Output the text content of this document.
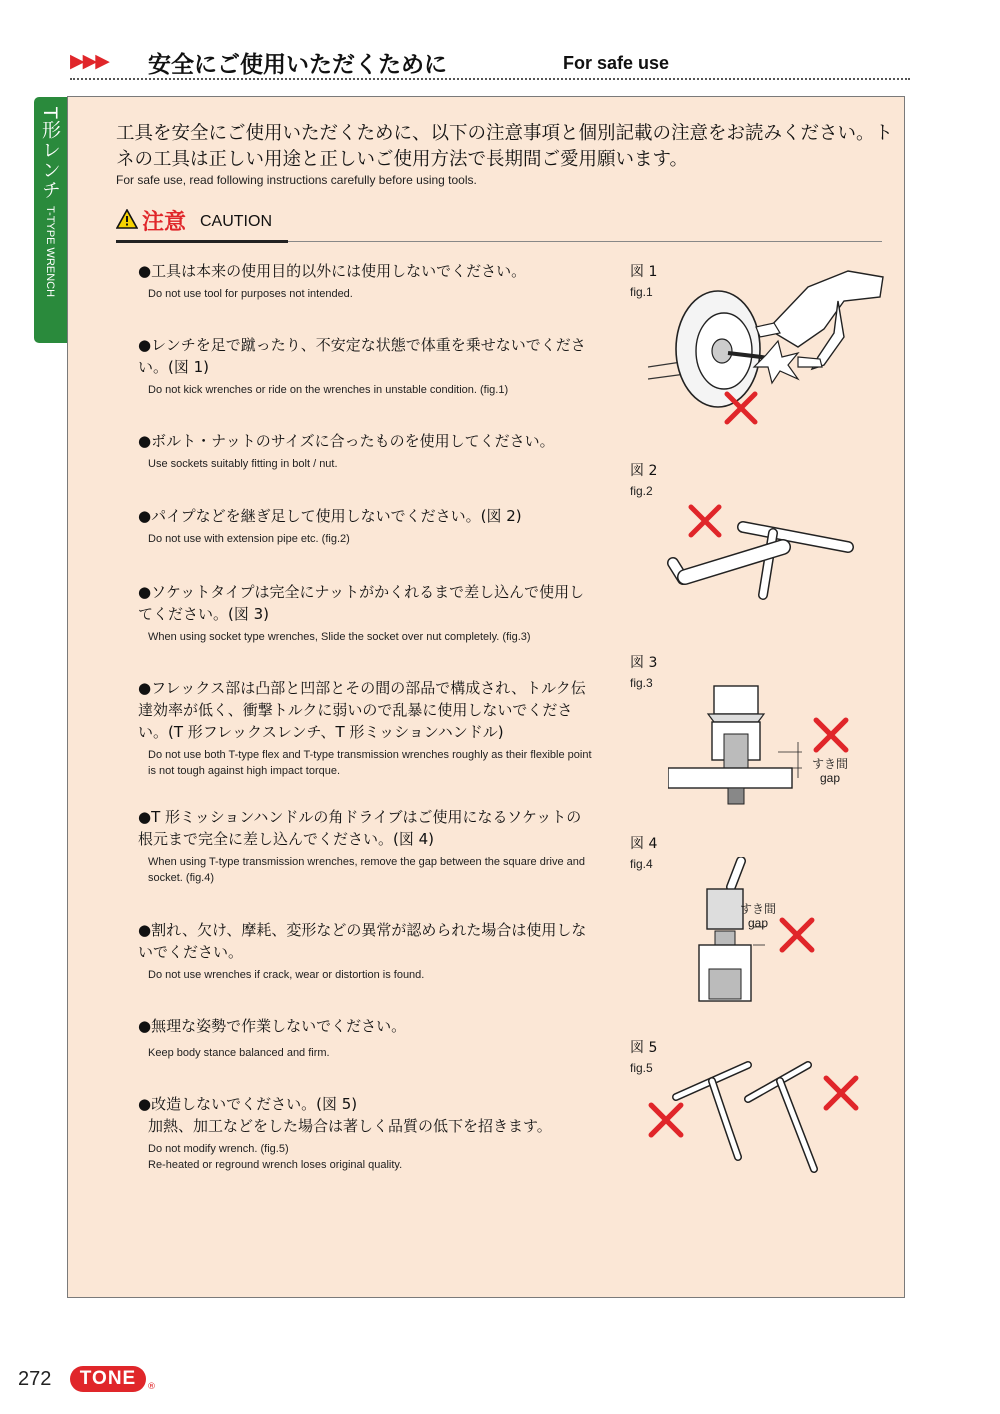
▶▶▶ 安全にご使用いただくために	For safe use
T形レンチT-TYPE WRENCH
工具を安全にご使用いただくために、以下の注意事項と個別記載の注意をお読みください。トネの工具は正しい用途と正しいご使用方法で長期間ご愛用願います。
For safe use, read following instructions carefully before using tools.
注意 CAUTION
●工具は本来の使用目的以外には使用しないでください。
Do not use tool for purposes not intended.
●レンチを足で蹴ったり、不安定な状態で体重を乗せないでください。(図 1)
Do not kick wrenches or ride on the wrenches in unstable condition. (fig.1)
●ボルト・ナットのサイズに合ったものを使用してください。
Use sockets suitably fitting in bolt / nut.
●パイプなどを継ぎ足して使用しないでください。(図 2)
Do not use with extension pipe etc. (fig.2)
●ソケットタイプは完全にナットがかくれるまで差し込んで使用してください。(図 3)
When using socket type wrenches, Slide the socket over nut completely. (fig.3)
●フレックス部は凸部と凹部とその間の部品で構成され、トルク伝達効率が低く、衝撃トルクに弱いので乱暴に使用しないでください。(T 形フレックスレンチ、T 形ミッションハンドル)
Do not use both T-type flex and T-type transmission wrenches roughly as their flexible point is not tough against high impact torque.
●T 形ミッションハンドルの角ドライブはご使用になるソケットの根元まで完全に差し込んでください。(図 4)
When using T-type transmission wrenches, remove the gap between the square drive and socket. (fig.4)
●割れ、欠け、摩耗、変形などの異常が認められた場合は使用しないでください。
Do not use wrenches if crack, wear or distortion is found.
●無理な姿勢で作業しないでください。
Keep body stance balanced and firm.
●改造しないでください。(図 5)
加熱、加工などをした場合は著しく品質の低下を招きます。
Do not modify wrench. (fig.5)
Re-heated or reground wrench loses original quality.
図 1
fig.1
図 2
fig.2
図 3
fig.3
図 4
fig.4
図 5
fig.5
すき間
gap
すき間
gap
272	TONE	®
